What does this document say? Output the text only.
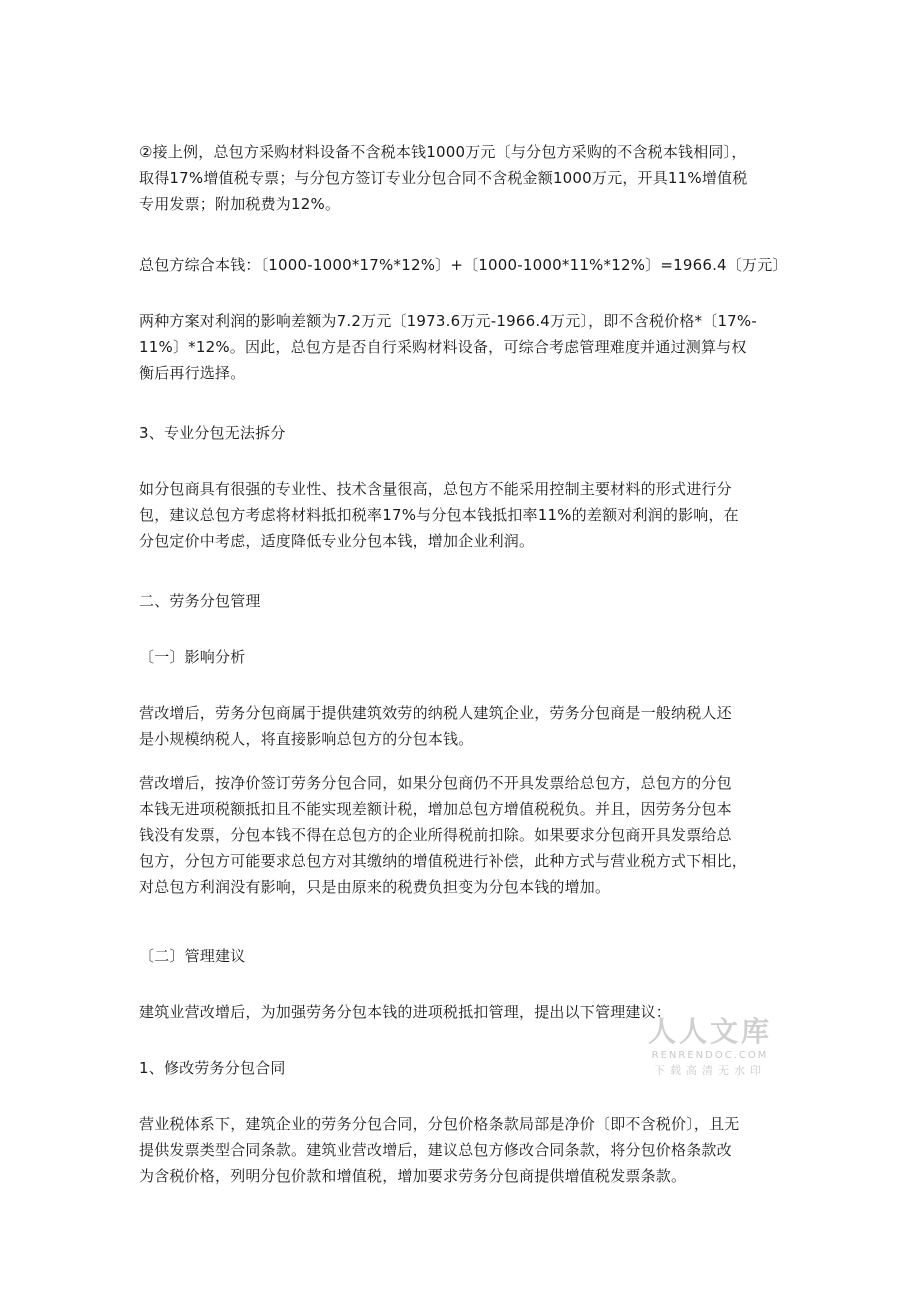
②接上例，总包方采购材料设备不含税本钱1000万元〔与分包方采购的不含税本钱相同〕，
取得17%增值税专票；与分包方签订专业分包合同不含税金额1000万元，开具11%增值税
专用发票；附加税费为12%。
总包方综合本钱：〔1000-1000*17%*12%〕+〔1000-1000*11%*12%〕=1966.4〔万元〕
两种方案对利润的影响差额为7.2万元〔1973.6万元-1966.4万元〕，即不含税价格*〔17%-
11%〕*12%。因此，总包方是否自行采购材料设备，可综合考虑管理难度并通过测算与权
衡后再行选择。
3、专业分包无法拆分
如分包商具有很强的专业性、技术含量很高，总包方不能采用控制主要材料的形式进行分
包，建议总包方考虑将材料抵扣税率17%与分包本钱抵扣率11%的差额对利润的影响，在
分包定价中考虑，适度降低专业分包本钱，增加企业利润。
二、劳务分包管理
〔一〕影响分析
营改增后，劳务分包商属于提供建筑效劳的纳税人建筑企业，劳务分包商是一般纳税人还
是小规模纳税人，将直接影响总包方的分包本钱。
营改增后，按净价签订劳务分包合同，如果分包商仍不开具发票给总包方，总包方的分包
本钱无进项税额抵扣且不能实现差额计税，增加总包方增值税税负。并且，因劳务分包本
钱没有发票，分包本钱不得在总包方的企业所得税前扣除。如果要求分包商开具发票给总
包方，分包方可能要求总包方对其缴纳的增值税进行补偿，此种方式与营业税方式下相比，
对总包方利润没有影响，只是由原来的税费负担变为分包本钱的增加。
〔二〕管理建议
建筑业营改增后，为加强劳务分包本钱的进项税抵扣管理，提出以下管理建议：
1、修改劳务分包合同
营业税体系下，建筑企业的劳务分包合同，分包价格条款局部是净价〔即不含税价〕，且无
提供发票类型合同条款。建筑业营改增后，建议总包方修改合同条款，将分包价格条款改
为含税价格，列明分包价款和增值税，增加要求劳务分包商提供增值税发票条款。
人人文库
RENRENDOC.COM
下载高清无水印
